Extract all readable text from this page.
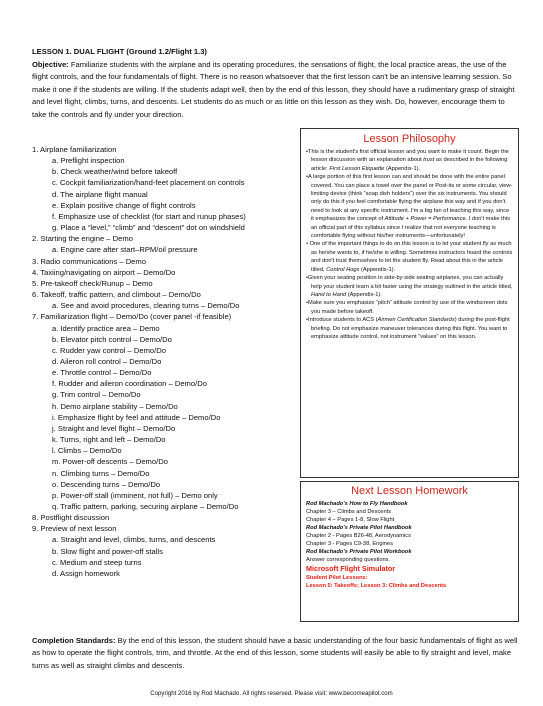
LESSON 1. DUAL FLIGHT (Ground 1.2/Flight 1.3)
Objective: Familiarize students with the airplane and its operating procedures, the sensations of flight, the local practice areas, the use of the flight controls, and the four fundamentals of flight. There is no reason whatsoever that the first lesson can't be an intensive learning session. So make it one if the students are willing. If the students adapt well, then by the end of this lesson, they should have a rudimentary grasp of straight and level flight, climbs, turns, and descents. Let students do as much or as little on this lesson as they wish. Do, however, encourage them to take the controls and fly under your direction.
1. Airplane familiarization
a. Preflight inspection
b. Check weather/wind before takeoff
c. Cockpit familiarization/hand-feet placement on controls
d. The airplane flight manual
e. Explain positive change of flight controls
f. Emphasize use of checklist (for start and runup phases)
g. Place a “level,” “climb” and “descent” dot on windshield
2. Starting the engine – Demo
a. Engine care after start–RPM/oil pressure
3. Radio communications – Demo
4. Taxiing/navigating on airport – Demo/Do
5. Pre-takeoff check/Runup – Demo
6. Takeoff, traffic pattern, and climbout – Demo/Do
a. See and avoid procedures, clearing turns – Demo/Do
7. Familiarization flight – Demo/Do (cover panel -if feasible)
a. Identify practice area – Demo
b. Elevator pitch control – Demo/Do
c. Rudder yaw control – Demo/Do
d. Aileron roll control – Demo/Do
e. Throttle control – Demo/Do
f. Rudder and aileron coordination – Demo/Do
g. Trim control – Demo/Do
h. Demo airplane stability – Demo/Do
i. Emphasize flight by feel and attitude – Demo/Do
j. Straight and level flight – Demo/Do
k. Turns, right and left – Demo/Do
l. Climbs – Demo/Do
m. Power-off descents – Demo/Do
n. Climbing turns – Demo/Do
o. Descending turns – Demo/Do
p. Power-off stall (imminent, not full) – Demo only
q. Traffic pattern, parking, securing airplane – Demo/Do
8. Postflight discussion
9. Preview of next lesson
a. Straight and level, climbs, turns, and descents
b. Slow flight and power-off stalls
c. Medium and steep turns
d. Assign homework
Lesson Philosophy

•This is the student's first official lesson and you want to make it count. Begin the lesson discussion with an explanation about trust as described in the following article: First Lesson Etiquette (Appendix-1).

•A large portion of this first lesson can and should be done with the entire panel covered. You can place a towel over the panel or Post-its or some circular, view-limiting device (think “soap dish holders”) over the six instruments. You should only do this if you feel comfortable flying the airplane this way and if you don't need to look at any specific instrument. I'm a big fan of teaching this way, since it emphasizes the concept of Attitude + Power = Performance. I don't make this an official part of this syllabus since I realize that not everyone teaching is comfortable flying without his/her instruments—unfortunately!

• One of the important things to do on this lesson is to let your student fly as much as he/she wants to, if he/she is willing. Sometimes instructors hoard the controls and don't trust themselves to let the student fly. Read about this in the article titled, Control Hogs (Appendix-1).

•Given your seating position in side-by-side seating airplanes, you can actually help your student learn a bit faster using the strategy outlined in the article titled, Hand to Hand (Appendix-1).

•Make sure you emphasize “pitch” attitude control by use of the windscreen dots you made before takeoff.

•Introduce students to ACS (Airmen Certification Standards) during the post-flight briefing. Do not emphasize maneuver tolerances during this flight. You want to emphasize attitude control, not instrument “values” on this lesson.

Next Lesson Homework
Rod Machado's How to Fly Handbook
Chapter 3 – Climbs and Descents
Chapter 4 – Pages 1-8, Slow Flight
Rod Machado's Private Pilot Handbook
Chapter 2 - Pages B26-48, Aerodynamics
Chapter 3 - Pages C9-38, Engines
Rod Machado's Private Pilot Workbook
Answer corresponding questions.
Microsoft Flight Simulator
Student Pilot Lessons:
Lesson 5: Takeoffs; Lesson 3: Climbs and Descents
Completion Standards: By the end of this lesson, the student should have a basic understanding of the four basic fundamentals of flight as well as how to operate the flight controls, trim, and throttle. At the end of this lesson, some students will easily be able to fly straight and level, make turns as well as straight climbs and descents.
Copyright 2016 by Rod Machado. All rights reserved. Please visit: www.becomeapilot.com
